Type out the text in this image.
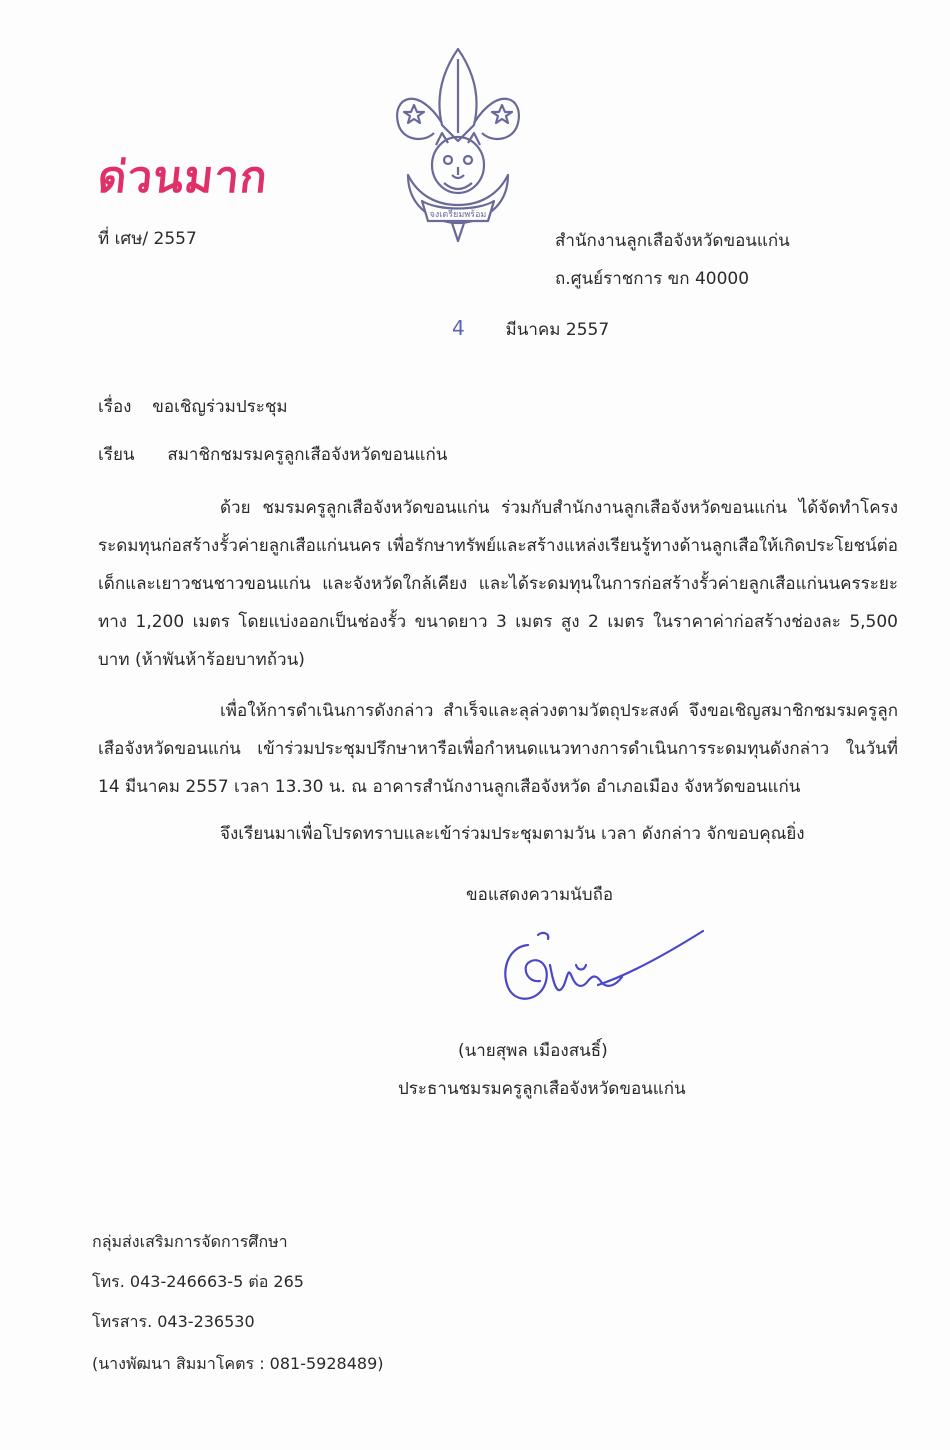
ด่วนมาก
จงเตรียมพร้อม
ที่ เศษ/ 2557	สำนักงานลูกเสือจังหวัดขอนแก่น
ถ.ศูนย์ราชการ ขก 40000
4 มีนาคม 2557
เรื่อง ขอเชิญร่วมประชุม
เรียน สมาชิกชมรมครูลูกเสือจังหวัดขอนแก่น
ด้วย ชมรมครูลูกเสือจังหวัดขอนแก่น ร่วมกับสำนักงานลูกเสือจังหวัดขอนแก่น ได้จัดทำโครงระดมทุนก่อสร้างรั้วค่ายลูกเสือแก่นนคร เพื่อรักษาทรัพย์และสร้างแหล่งเรียนรู้ทางด้านลูกเสือให้เกิดประโยชน์ต่อเด็กและเยาวชนชาวขอนแก่น และจังหวัดใกล้เคียง และได้ระดมทุนในการก่อสร้างรั้วค่ายลูกเสือแก่นนครระยะทาง 1,200 เมตร โดยแบ่งออกเป็นช่องรั้ว ขนาดยาว 3 เมตร สูง 2 เมตร ในราคาค่าก่อสร้างช่องละ 5,500 บาท (ห้าพันห้าร้อยบาทถ้วน)
เพื่อให้การดำเนินการดังกล่าว สำเร็จและลุล่วงตามวัตถุประสงค์ จึงขอเชิญสมาชิกชมรมครูลูกเสือจังหวัดขอนแก่น เข้าร่วมประชุมปรึกษาหารือเพื่อกำหนดแนวทางการดำเนินการระดมทุนดังกล่าว ในวันที่ 14 มีนาคม 2557 เวลา 13.30 น. ณ อาคารสำนักงานลูกเสือจังหวัด อำเภอเมือง จังหวัดขอนแก่น
จึงเรียนมาเพื่อโปรดทราบและเข้าร่วมประชุมตามวัน เวลา ดังกล่าว จักขอบคุณยิ่ง
ขอแสดงความนับถือ
(นายสุพล เมืองสนธิ์)
ประธานชมรมครูลูกเสือจังหวัดขอนแก่น
กลุ่มส่งเสริมการจัดการศึกษา
โทร. 043-246663-5 ต่อ 265
โทรสาร. 043-236530
(นางพัฒนา สิมมาโคตร : 081-5928489)
